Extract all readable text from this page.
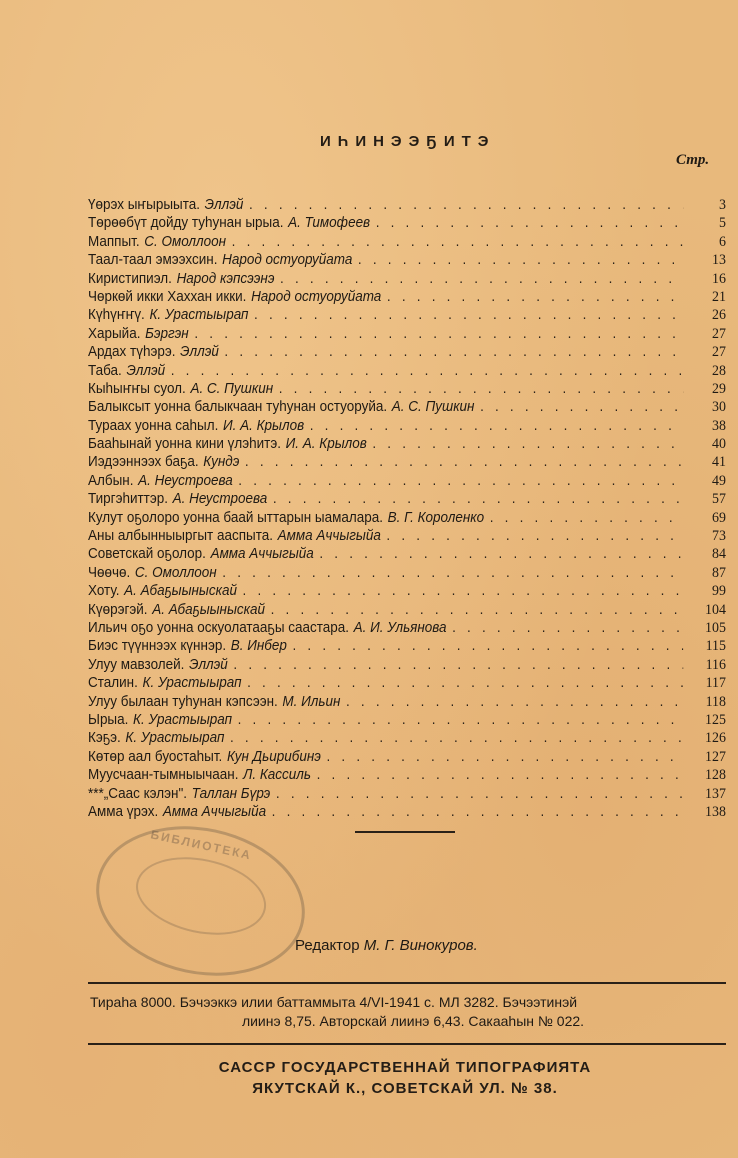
ИҺИНЭЭҔИТЭ
Стр.
Үөрэх ыҥырыыта. Эллэй . . .	3
Төрөөбүт дойду туһунан ырыа. А. Тимофеев . . .	5
Маппыт. С. Омоллоон . . .	6
Таал-таал эмээхсин. Народ остуоруйата . . .	13
Киристипиэл. Народ кэпсээнэ . . .	16
Чөркөй икки Хаххан икки. Народ остуоруйата . . .	21
Күһүҥҥү. К. Урастыырап . . .	26
Харыйа. Бэргэн . . .	27
Ардах түһэрэ. Эллэй . . .	27
Таба. Эллэй . . .	28
Кыһыҥҥы суол. А. С. Пушкин . . .	29
Балыксыт уонна балыкчаан туһунан остуоруйа. А. С. Пушкин . . .	30
Тураах уонна саһыл. И. А. Крылов . . .	38
Бааһынай уонна кини үлэһитэ. И. А. Крылов . . .	40
Иэдээннээх баҕа. Кундэ . . .	41
Албын. А. Неустроева . . .	49
Тиргэһиттэр. А. Неустроева . . .	57
Кулут оҕолоро уонна баай ыттарын ыамалара. В. Г. Короленко . . .	69
Аны албынныыргыт ааспыта. Амма Аччыгыйа . . .	73
Советскай оҕолор. Амма Аччыгыйа . . .	84
Чөөчө. С. Омоллоон . . .	87
Хоту. А. Абаҕыыныскай . . .	99
Күөрэгэй. А. Абаҕыыныскай . . .	104
Ильич оҕо уонна оскуолатааҕы саастара. А. И. Ульянова . . .	105
Биэс түүннээх күннэр. В. Инбер . . .	115
Улуу мавзолей. Эллэй . . .	116
Сталин. К. Урастыырап . . .	117
Улуу былаан туһунан кэпсээн. М. Ильин . . .	118
Ырыа. К. Урастыырап . . .	125
Кэҕэ. К. Урастыырап . . .	126
Көтөр аал буостаһыт. Кун Дьирибинэ . . .	127
Муусчаан-тымныычаан. Л. Кассиль . . .	128
***„Саас кэлэн". Таллан Бүрэ . . .	137
Амма үрэх. Амма Аччыгыйа . . .	138
БИБЛИОТЕКА
Редактор М. Г. Винокуров.
Тираһа 8000. Бэчээккэ илии баттаммыта 4/VI-1941 с. МЛ 3282. Бэчээтинэй
лиинэ 8,75. Авторскай лиинэ 6,43. Сакааһын № 022.
САССР ГОСУДАРСТВЕННАЙ ТИПОГРАФИЯТА
ЯКУТСКАЙ К., СОВЕТСКАЙ УЛ. № 38.
